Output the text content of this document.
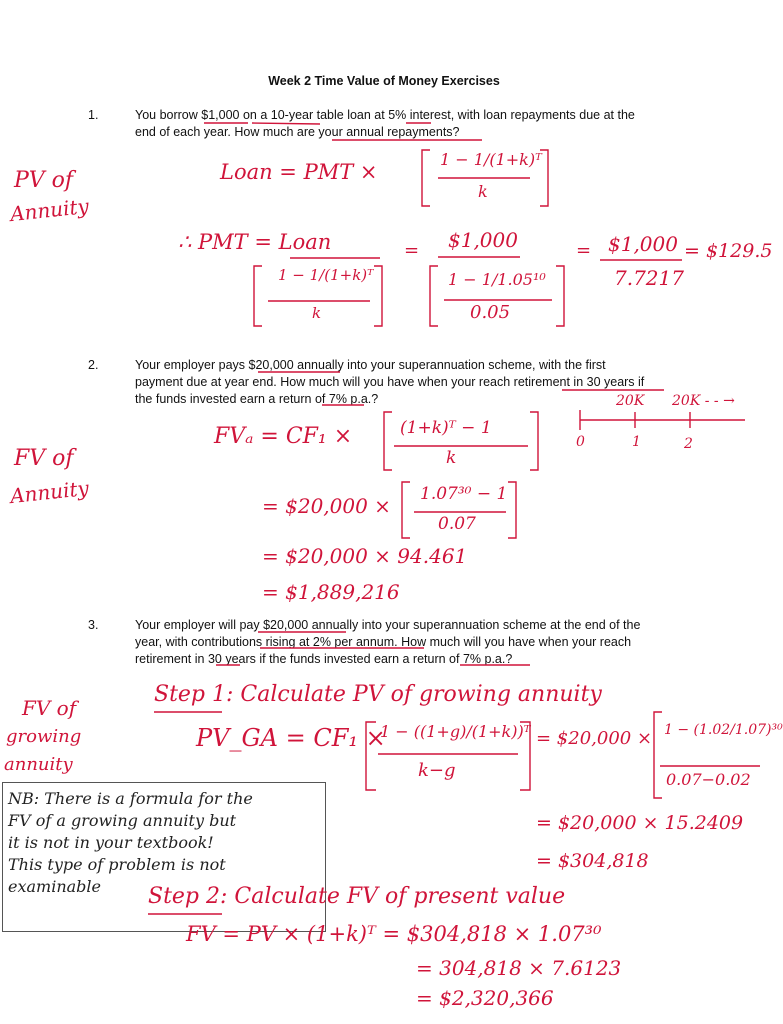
Week 2 Time Value of Money Exercises
1.	You borrow $1,000 on a 10-year table loan at 5% interest, with loan repayments due at the
end of each year. How much are your annual repayments?
2.	Your employer pays $20,000 annually into your superannuation scheme, with the first
payment due at year end. How much will you have when your reach retirement in 30 years if
the funds invested earn a return of 7% p.a.?
3.	Your employer will pay $20,000 annually into your superannuation scheme at the end of the
year, with contributions rising at 2% per annum. How much will you have when your reach
retirement in 30 years if the funds invested earn a return of 7% p.a.?
PV of
Annuity
Loan = PMT ×
1 − 1/(1+k)ᵀ
k
∴ PMT = Loan
1 − 1/(1+k)ᵀ
k
= $1,000
1 − 1/1.05¹⁰
0.05
= $1,000
7.7217
= $129.5
FV of
Annuity
20K 20K - - →
0	1	2
FVₐ = CF₁ ×	(1+k)ᵀ − 1
k
= $20,000 × 1.07³⁰ − 1
0.07
= $20,000 × 94.461
= $1,889,216
FV of
growing
annuity
Step 1: Calculate PV of growing annuity
PV_GA = CF₁ ×
1 − ((1+g)/(1+k))ᵀ
k−g
= $20,000 × 1 − (1.02/1.07)³⁰
0.07−0.02
= $20,000 × 15.2409
= $304,818
NB: There is a formula for the
FV of a growing annuity but
it is not in your textbook!
This type of problem is not
examinable	Step 2: Calculate FV of present value
FV = PV × (1+k)ᵀ = $304,818 × 1.07³⁰
= 304,818 × 7.6123
= $2,320,366
